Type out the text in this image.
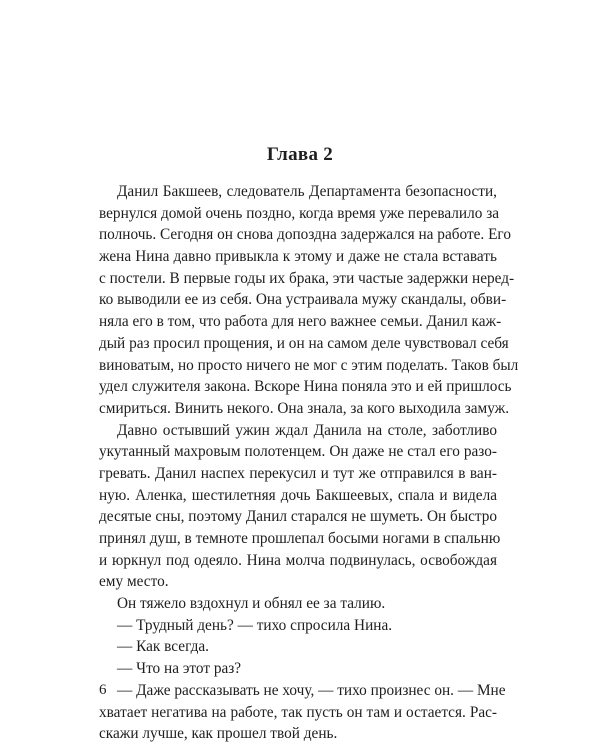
Глава 2
Данил Бакшеев, следователь Департамента безопасности,
вернулся домой очень поздно, когда время уже перевалило за
полночь. Сегодня он снова допоздна задержался на работе. Его
жена Нина давно привыкла к этому и даже не стала вставать
с постели. В первые годы их брака, эти частые задержки неред-
ко выводили ее из себя. Она устраивала мужу скандалы, обви-
няла его в том, что работа для него важнее семьи. Данил каж-
дый раз просил прощения, и он на самом деле чувствовал себя
виноватым, но просто ничего не мог с этим поделать. Таков был
удел служителя закона. Вскоре Нина поняла это и ей пришлось
смириться. Винить некого. Она знала, за кого выходила замуж.
Давно остывший ужин ждал Данила на столе, заботливо
укутанный махровым полотенцем. Он даже не стал его разо-
гревать. Данил наспех перекусил и тут же отправился в ван-
ную. Аленка, шестилетняя дочь Бакшеевых, спала и видела
десятые сны, поэтому Данил старался не шуметь. Он быстро
принял душ, в темноте прошлепал босыми ногами в спальню
и юркнул под одеяло. Нина молча подвинулась, освобождая
ему место.
Он тяжело вздохнул и обнял ее за талию.
— Трудный день? — тихо спросила Нина.
— Как всегда.
— Что на этот раз?
— Даже рассказывать не хочу, — тихо произнес он. — Мне
хватает негатива на работе, так пусть он там и остается. Рас-
скажи лучше, как прошел твой день.
6
